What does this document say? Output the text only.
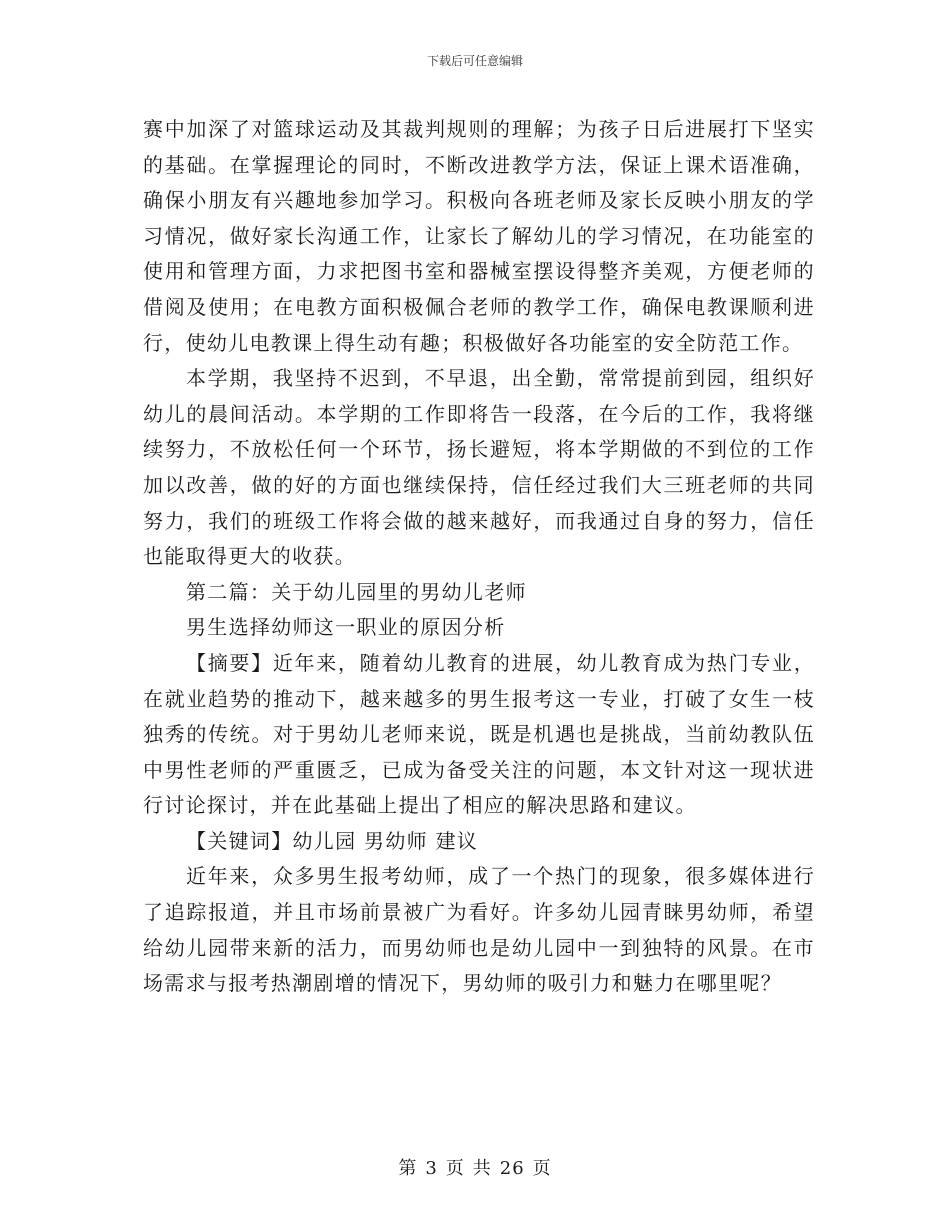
下载后可任意编辑

赛中加深了对篮球运动及其裁判规则的理解；为孩子日后进展打下坚实的基础。在掌握理论的同时，不断改进教学方法，保证上课术语准确，确保小朋友有兴趣地参加学习。积极向各班老师及家长反映小朋友的学习情况，做好家长沟通工作，让家长了解幼儿的学习情况，在功能室的使用和管理方面，力求把图书室和器械室摆设得整齐美观，方便老师的借阅及使用；在电教方面积极佩合老师的教学工作，确保电教课顺利进行，使幼儿电教课上得生动有趣；积极做好各功能室的安全防范工作。

本学期，我坚持不迟到，不早退，出全勤，常常提前到园，组织好幼儿的晨间活动。本学期的工作即将告一段落，在今后的工作，我将继续努力，不放松任何一个环节，扬长避短，将本学期做的不到位的工作加以改善，做的好的方面也继续保持，信任经过我们大三班老师的共同努力，我们的班级工作将会做的越来越好，而我通过自身的努力，信任也能取得更大的收获。

第二篇：关于幼儿园里的男幼儿老师

男生选择幼师这一职业的原因分析

【摘要】近年来，随着幼儿教育的进展，幼儿教育成为热门专业，在就业趋势的推动下，越来越多的男生报考这一专业，打破了女生一枝独秀的传统。对于男幼儿老师来说，既是机遇也是挑战，当前幼教队伍中男性老师的严重匮乏，已成为备受关注的问题，本文针对这一现状进行讨论探讨，并在此基础上提出了相应的解决思路和建议。

【关键词】幼儿园 男幼师 建议

近年来，众多男生报考幼师，成了一个热门的现象，很多媒体进行了追踪报道，并且市场前景被广为看好。许多幼儿园青睐男幼师，希望给幼儿园带来新的活力，而男幼师也是幼儿园中一到独特的风景。在市场需求与报考热潮剧增的情况下，男幼师的吸引力和魅力在哪里呢？

第 3 页 共 26 页
